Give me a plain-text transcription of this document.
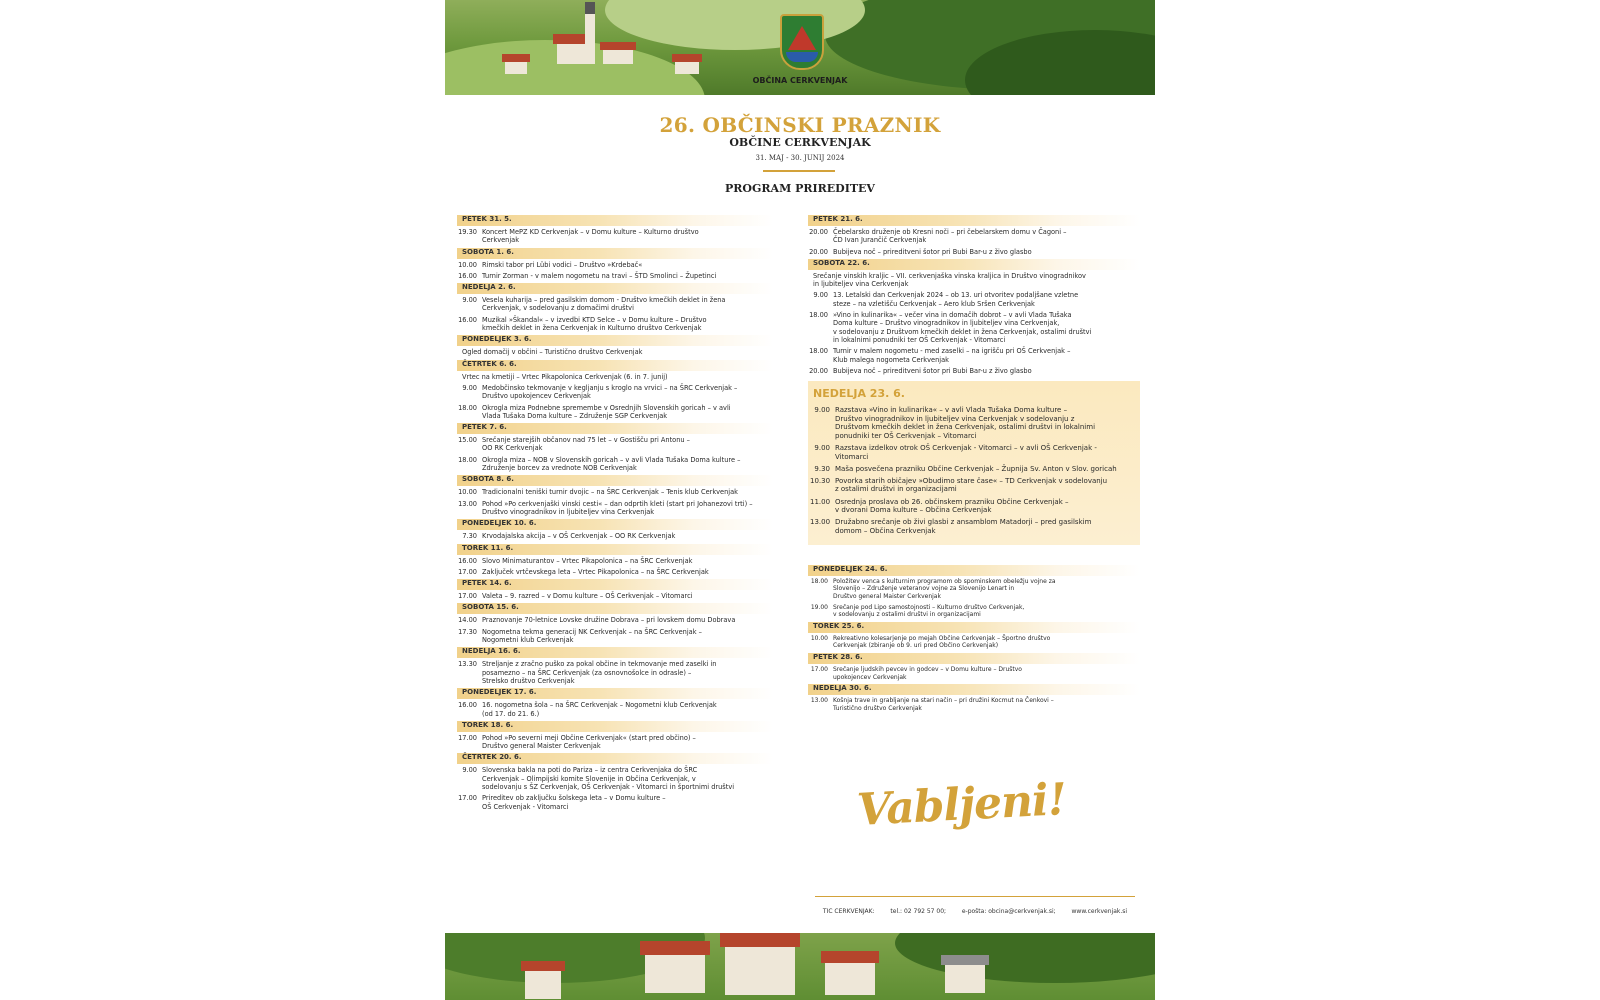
OBČINA CERKVENJAK
26. OBČINSKI PRAZNIK
OBČINE CERKVENJAK
31. MAJ - 30. JUNIJ 2024
PROGRAM PRIREDITEV
PETEK 31. 5.
19.30 Koncert MePZ KD Cerkvenjak – v Domu kulture – Kulturno društvo
Cerkvenjak
SOBOTA 1. 6.
10.00 Rimski tabor pri Lübi vodici – Društvo »Krdebač«
16.00 Turnir Zorman - v malem nogometu na travi – ŠTD Smolinci – Župetinci
NEDELJA 2. 6.
9.00 Vesela kuharija – pred gasilskim domom - Društvo kmečkih deklet in žena
Cerkvenjak, v sodelovanju z domačimi društvi
16.00 Muzikal »Škandal« – v izvedbi KTD Selce – v Domu kulture – Društvo
kmečkih deklet in žena Cerkvenjak in Kulturno društvo Cerkvenjak
PONEDELJEK 3. 6.
Ogled domačij v občini – Turistično društvo Cerkvenjak
ČETRTEK 6. 6.
Vrtec na kmetiji – Vrtec Pikapolonica Cerkvenjak (6. in 7. junij)
9.00 Medobčinsko tekmovanje v kegljanju s kroglo na vrvici – na ŠRC Cerkvenjak –
Društvo upokojencev Cerkvenjak
18.00 Okrogla miza Podnebne spremembe v Osrednjih Slovenskih goricah – v avli
Vlada Tušaka Doma kulture – Združenje SGP Cerkvenjak
PETEK 7. 6.
15.00 Srečanje starejših občanov nad 75 let – v Gostišču pri Antonu –
OO RK Cerkvenjak
18.00 Okrogla miza – NOB v Slovenskih goricah – v avli Vlada Tušaka Doma kulture –
Združenje borcev za vrednote NOB Cerkvenjak
SOBOTA 8. 6.
10.00 Tradicionalni teniški turnir dvojic – na ŠRC Cerkvenjak – Tenis klub Cerkvenjak
13.00 Pohod »Po cerkvenjaški vinski cesti« – dan odprtih kleti (start pri Johanezovi trti) –
Društvo vinogradnikov in ljubiteljev vina Cerkvenjak
PONEDELJEK 10. 6.
7.30 Krvodajalska akcija – v OŠ Cerkvenjak – OO RK Cerkvenjak
TOREK 11. 6.
16.00 Slovo Minimaturantov – Vrtec Pikapolonica – na ŠRC Cerkvenjak
17.00 Zaključek vrtčevskega leta – Vrtec Pikapolonica – na ŠRC Cerkvenjak
PETEK 14. 6.
17.00 Valeta – 9. razred – v Domu kulture – OŠ Cerkvenjak – Vitomarci
SOBOTA 15. 6.
14.00 Praznovanje 70-letnice Lovske družine Dobrava – pri lovskem domu Dobrava
17.30 Nogometna tekma generacij NK Cerkvenjak – na ŠRC Cerkvenjak –
Nogometni klub Cerkvenjak
NEDELJA 16. 6.
13.30 Streljanje z zračno puško za pokal občine in tekmovanje med zaselki in
posamezno – na ŠRC Cerkvenjak (za osnovnošolce in odrasle) –
Strelsko društvo Cerkvenjak
PONEDELJEK 17. 6.
16.00 16. nogometna šola – na ŠRC Cerkvenjak – Nogometni klub Cerkvenjak
(od 17. do 21. 6.)
TOREK 18. 6.
17.00 Pohod »Po severni meji Občine Cerkvenjak« (start pred občino) –
Društvo general Maister Cerkvenjak
ČETRTEK 20. 6.
9.00 Slovenska bakla na poti do Pariza – iz centra Cerkvenjaka do ŠRC
Cerkvenjak – Olimpijski komite Slovenije in Občina Cerkvenjak, v
sodelovanju s ŠZ Cerkvenjak, OŠ Cerkvenjak - Vitomarci in športnimi društvi
17.00 Prireditev ob zaključku šolskega leta – v Domu kulture –
OŠ Cerkvenjak - Vitomarci
PETEK 21. 6.
20.00 Čebelarsko druženje ob Kresni noči – pri čebelarskem domu v Čagoni –
ČD Ivan Jurančič Cerkvenjak
20.00 Bubijeva noč – prireditveni šotor pri Bubi Bar-u z živo glasbo
SOBOTA 22. 6.
Srečanje vinskih kraljic – VII. cerkvenjaška vinska kraljica in Društvo vinogradnikov
in ljubiteljev vina Cerkvenjak
9.00 13. Letalski dan Cerkvenjak 2024 – ob 13. uri otvoritev podaljšane vzletne
steze – na vzletišču Cerkvenjak – Aero klub Sršen Cerkvenjak
18.00 »Vino in kulinarika« – večer vina in domačih dobrot – v avli Vlada Tušaka
Doma kulture – Društvo vinogradnikov in ljubiteljev vina Cerkvenjak,
v sodelovanju z Društvom kmečkih deklet in žena Cerkvenjak, ostalimi društvi
in lokalnimi ponudniki ter OŠ Cerkvenjak - Vitomarci
18.00 Turnir v malem nogometu - med zaselki – na igrišču pri OŠ Cerkvenjak –
Klub malega nogometa Cerkvenjak
20.00 Bubijeva noč – prireditveni šotor pri Bubi Bar-u z živo glasbo
NEDELJA 23. 6.
9.00 Razstava »Vino in kulinarika« – v avli Vlada Tušaka Doma kulture –
Društvo vinogradnikov in ljubiteljev vina Cerkvenjak v sodelovanju z
Društvom kmečkih deklet in žena Cerkvenjak, ostalimi društvi in lokalnimi
ponudniki ter OŠ Cerkvenjak – Vitomarci
9.00 Razstava izdelkov otrok OŠ Cerkvenjak - Vitomarci – v avli OŠ Cerkvenjak -
Vitomarci
9.30 Maša posvečena prazniku Občine Cerkvenjak – Župnija Sv. Anton v Slov. goricah
10.30 Povorka starih običajev »Obudimo stare čase« – TD Cerkvenjak v sodelovanju
z ostalimi društvi in organizacijami
11.00 Osrednja proslava ob 26. občinskem prazniku Občine Cerkvenjak –
v dvorani Doma kulture – Občina Cerkvenjak
13.00 Družabno srečanje ob živi glasbi z ansamblom Matadorji – pred gasilskim
domom – Občina Cerkvenjak
PONEDELJEK 24. 6.
18.00 Položitev venca s kulturnim programom ob spominskem obeležju vojne za
Slovenijo – Združenje veteranov vojne za Slovenijo Lenart in
Društvo general Maister Cerkvenjak
19.00 Srečanje pod Lipo samostojnosti – Kulturno društvo Cerkvenjak,
v sodelovanju z ostalimi društvi in organizacijami
TOREK 25. 6.
10.00 Rekreativno kolesarjenje po mejah Občine Cerkvenjak – Športno društvo
Cerkvenjak (zbiranje ob 9. uri pred Občino Cerkvenjak)
PETEK 28. 6.
17.00 Srečanje ljudskih pevcev in godcev – v Domu kulture – Društvo
upokojencev Cerkvenjak
NEDELJA 30. 6.
13.00 Košnja trave in grabljanje na stari način – pri družini Kocmut na Čenkovi –
Turistično društvo Cerkvenjak
Vabljeni!
TIC CERKVENJAK:	tel.: 02 792 57 00;	e-pošta: obcina@cerkvenjak.si;	www.cerkvenjak.si
